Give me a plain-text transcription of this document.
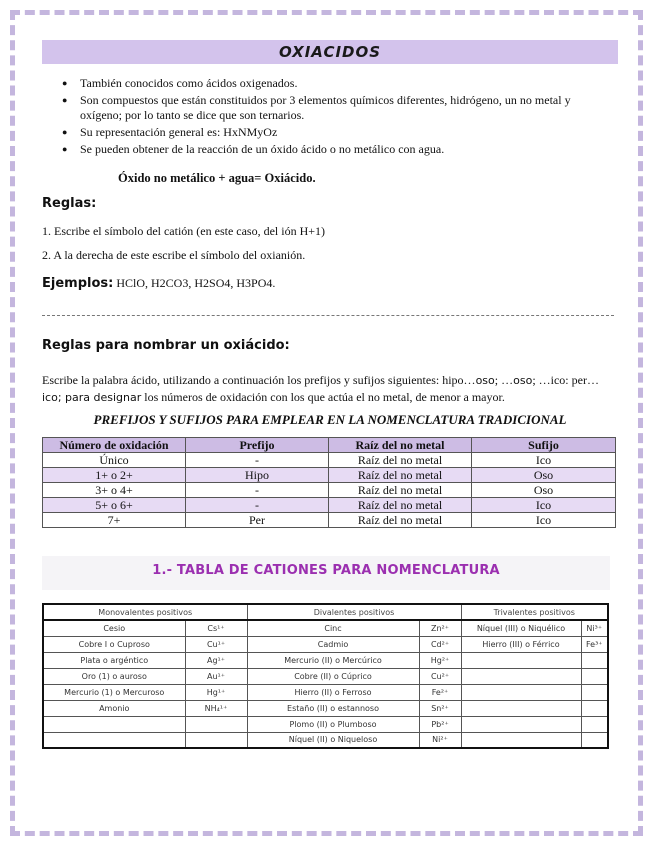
OXIACIDOS
● También conocidos como ácidos oxigenados.
● Son compuestos que están constituidos por 3 elementos químicos diferentes, hidrógeno, un no metal y oxígeno; por lo tanto se dice que son ternarios.
● Su representación general es: HxNMyOz
● Se pueden obtener de la reacción de un óxido ácido o no metálico con agua.
Óxido no metálico + agua= Oxiácido.
Reglas:
1. Escribe el símbolo del catión (en este caso, del ión H+1)
2. A la derecha de este escribe el símbolo del oxianión.
Ejemplos: HClO, H2CO3, H2SO4, H3PO4.
Reglas para nombrar un oxiácido:
Escribe la palabra ácido, utilizando a continuación los prefijos y sufijos siguientes: hipo…oso; …oso; …ico: per…ico; para designar los números de oxidación con los que actúa el no metal, de menor a mayor.
PREFIJOS Y SUFIJOS PARA EMPLEAR EN LA NOMENCLATURA TRADICIONAL
Número de oxidación	Prefijo	Raíz del no metal	Sufijo
Único	-	Raíz del no metal	Ico
1+ o 2+	Hipo	Raíz del no metal	Oso
3+ o 4+	-	Raíz del no metal	Oso
5+ o 6+	-	Raíz del no metal	Ico
7+	Per	Raíz del no metal	Ico
1.- TABLA DE CATIONES PARA NOMENCLATURA
Monovalentes positivos		Divalentes positivos		Trivalentes positivos	
Cesio	Cs¹⁺	Cinc	Zn²⁺	Níquel (III) o Niquélico	Ni³⁺
Cobre I o Cuproso	Cu¹⁺	Cadmio	Cd²⁺	Hierro (III) o Férrico	Fe³⁺
Plata o argéntico	Ag¹⁺	Mercurio (II) o Mercúrico	Hg²⁺		
Oro (1) o auroso	Au¹⁺	Cobre (II) o Cúprico	Cu²⁺		
Mercurio (1) o Mercuroso	Hg¹⁺	Hierro (II) o Ferroso	Fe²⁺		
Amonio	NH₄¹⁺	Estaño (II) o estannoso	Sn²⁺		
		Plomo (II) o Plumboso	Pb²⁺		
		Níquel (II) o Niqueloso	Ni²⁺		
